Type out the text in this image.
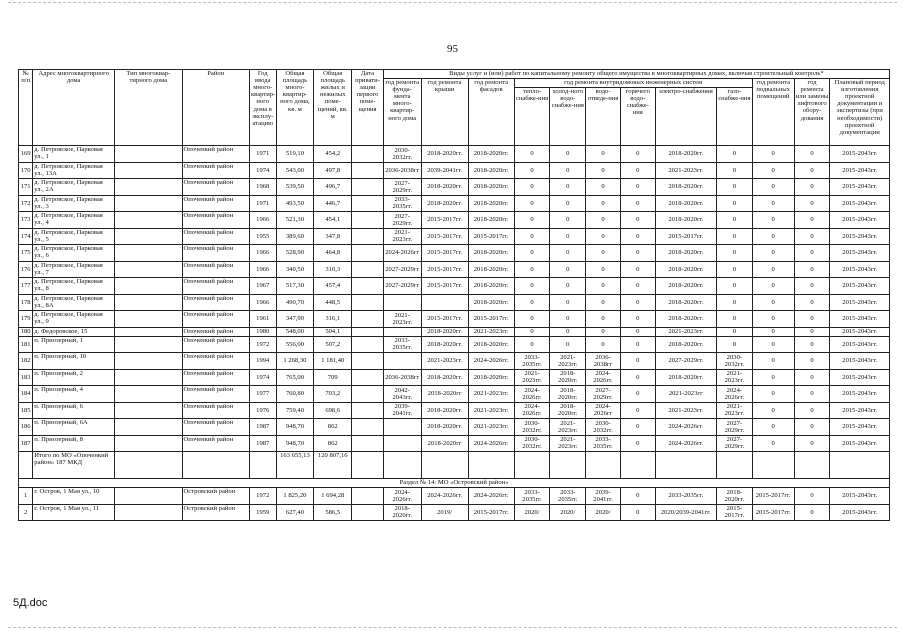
95
№ п/п	Адрес многоквартирного дома	Тип многоквар-тирного дома	Район	Год ввода много-квартир-ного дома в эксплу-атацию	Общая площадь много-квартир-ного дома, кв. м	Общая площадь жилых и нежилых поме-щений, кв. м	Дата привати-зации первого поме-щения	Виды услуг и (или) работ по капитальному ремонту общего имущества в многоквартирных домах, включая строительный контроль*											
								год ремонта фунда-мента много-квартир-ного дома	год ремонта крыши	год ремонта фасадов	год ремонта внутридомовых инженерных систем						год ремонта подвальных помещений	год ремонта или замены лифтового обору-дования	Плановый период изготовления проектной документации и экспертизы (при необходимости) проектной документации
											тепло-снабже-ния	холод-ного водо-снабже-ния	водо-отведе-ния	горячего водо-снабже-ния	электро-снабжения	газо-снабже-ния			
169	д. Петровское, Парковая ул., 1		Опоченкий район	1971	519,10	454,2		2030-2032гг.	2018-2020гг.	2018-2020гг.	0	0	0	0	2018-2020гг.	0	0	0	2015-2043гг.
170	д. Петровское, Парковая ул., 13А		Опоченкий район	1974	543,00	497,8		2036-2038гг	2039-2041гг.	2018-2020гг.	0	0	0	0	2021-2023гг.	0	0	0	2015-2043гг.
171	д. Петровское, Парковая ул., 2А		Опоченкий район	1968	539,50	496,7		2027-2029гг.	2018-2020гг.	2018-2020гг.	0	0	0	0	2018-2020гг.	0	0	0	2015-2043гг.
172	д. Петровское, Парковая ул., 3		Опоченкий район	1971	493,50	446,7		2033-2035гг.	2018-2020гг.	2018-2020гг.	0	0	0	0	2018-2020гг.	0	0	0	2015-2043гг.
173	д. Петровское, Парковая ул., 4		Опоченкий район	1966	521,30	454,1		2027-2029гг.	2015-2017гг.	2018-2020гг.	0	0	0	0	2018-2020гг.	0	0	0	2015-2043гг.
174	д. Петровское, Парковая ул., 5		Опоченкий район	1955	389,60	347,8		2021-2023гг.	2015-2017гг.	2015-2017гг.	0	0	0	0	2015-2017гг.	0	0	0	2015-2043гг.
175	д. Петровское, Парковая ул., 6		Опоченкий район	1966	528,90	464,8		2024-2026гг	2015-2017гг.	2018-2020гг.	0	0	0	0	2018-2020гг.	0	0	0	2015-2043гг.
176	д. Петровское, Парковая ул., 7		Опоченкий район	1966	340,50	310,3		2027-2029гг	2015-2017гг.	2018-2020гг.	0	0	0	0	2018-2020гг.	0	0	0	2015-2043гг.
177	д. Петровское, Парковая ул., 8		Опоченкий район	1967	517,30	457,4		2027-2029гг	2015-2017гг.	2018-2020гг.	0	0	0	0	2018-2020гг.	0	0	0	2015-2043гг.
178	д. Петровское, Парковая ул., 8А		Опоченкий район	1966	490,70	448,5				2018-2020гг.	0	0	0	0	2018-2020гг.	0	0	0	2015-2043гг.
179	д. Петровское, Парковая ул., 9		Опоченкий район	1961	347,90	316,1		2021-2023гг.	2015-2017гг.	2015-2017гг.	0	0	0	0	2018-2020гг.	0	0	0	2015-2043гг.
180	д. Федоровское, 15		Опоченкий район	1980	548,00	504,1			2018-2020гг.	2021-2023гг.	0	0	0	0	2021-2023гг.	0	0	0	2015-2043гг.
181	п. Приозерный, 1		Опоченкий район	1972	556,00	507,2		2033-2035гг.	2018-2020гг.	2018-2020гг.	0	0	0	0	2018-2020гг.	0	0	0	2015-2043гг.
182	п. Приозерный, 10		Опоченкий район	1994	1 268,30	1 181,40			2021-2023гг.	2024-2026гг.	2033-2035гг.	2021-2023гг.	2036-2038гг	0	2027-2029гг.	2030-2032гг.	0	0	2015-2043гг.
183	п. Приозерный, 2		Опоченкий район	1974	765,00	709		2036-2038гг	2018-2020гг.	2018-2020гг.	2021-2023гг.	2018-2020гг.	2024-2026гг.	0	2018-2020гг.	2021-2023гг.	0	0	2015-2043гг.
184	п. Приозерный, 4		Опоченкий район	1977	760,80	703,2		2042-2043гг.	2018-2020гг	2021-2023гг.	2024-2026гг.	2018-2020гг.	2027-2029гг.	0	2021-2023гг	2024-2026гг.	0	0	2015-2043гг.
185	п. Приозерный, 6		Опоченкий район	1976	759,40	698,6		2039-2041гг.	2018-2020гг.	2021-2023гг.	2024-2026гг.	2018-2020гг.	2024-2026гг	0	2021-2023гг.	2021-2023гг.	0	0	2015-2043гг.
186	п. Приозерный, 6А		Опоченкий район	1987	948,70	862			2018-2020гг.	2021-2023гг.	2030-2032гг.	2021-2023гг.	2030-2032гг.	0	2024-2026гг.	2027-2029гг.	0	0	2015-2043гг.
187	п. Приозерный, 8		Опоченкий район	1987	948,70	862			2018-2020гг	2024-2026гг.	2030-2032гг.	2021-2023гг.	2033-2035гг.	0	2024-2026гг.	2027-2029гг.	0	0	2015-2043гг.
	Итого по МО «Опоченкий район» 187 МКД				163 655,13	120 807,16													
Раздел № 14: МО «Островский район»																			
1	г. Остров, 1 Мая ул., 10		Островский район	1972	1 825,20	1 694,28		2024-2026гг.	2024-2026гг.	2024-2026гг.	2033-2035гг.	2033-2035гг.	2039-2041гг.	0	2033-2035гг.	2018-2020гг.	2015-2017гг.	0	2015-2043гг.
2	г. Остров, 1 Мая ул., 11		Островский район	1959	627,40	586,5		2018-2020гг.	2019/	2015-2017гг.	2020/	2020/	2020/	0	2020/2039-2041гг.	2015-2017гг.	2015-2017гг.	0	2015-2043гг.
5Д.doc
